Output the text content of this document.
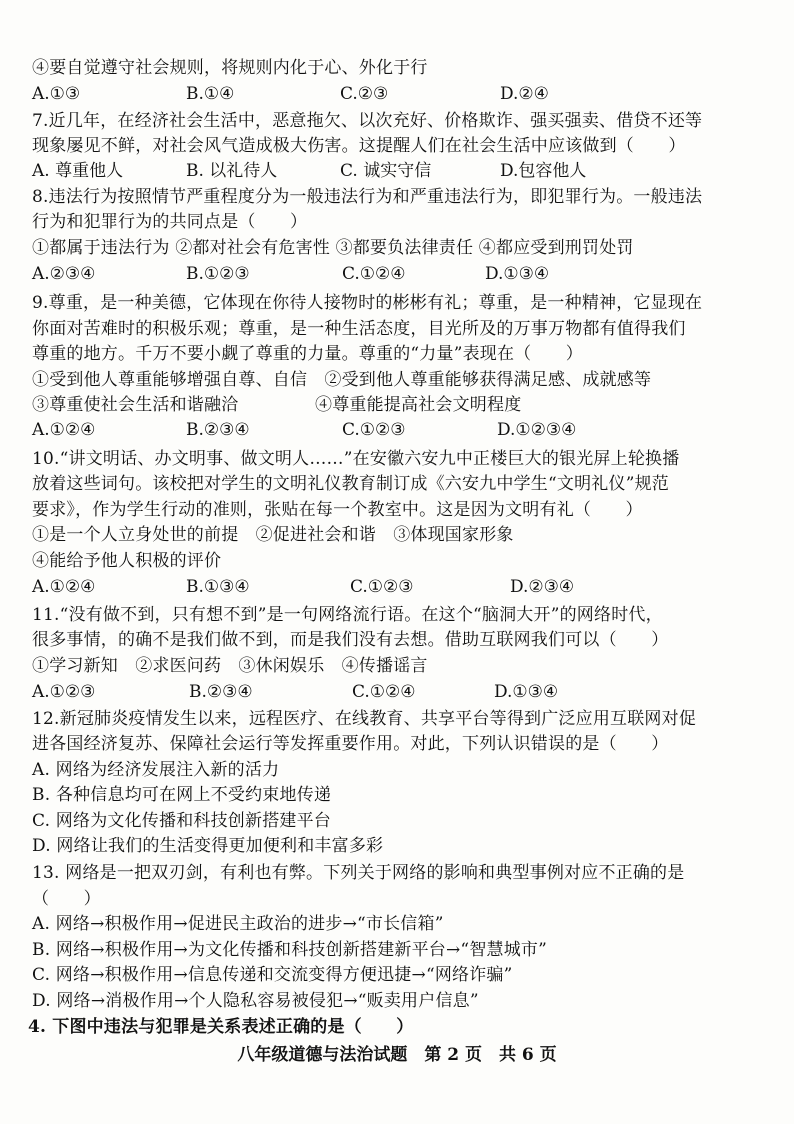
④要自觉遵守社会规则，将规则内化于心、外化于行
A.①③	B.①④	C.②③	D.②④
7.近几年，在经济社会生活中，恶意拖欠、以次充好、价格欺诈、强买强卖、借贷不还等
现象屡见不鲜，对社会风气造成极大伤害。这提醒人们在社会生活中应该做到（　　）
A. 尊重他人	B. 以礼待人	C. 诚实守信	D.包容他人
8.违法行为按照情节严重程度分为一般违法行为和严重违法行为，即犯罪行为。一般违法
行为和犯罪行为的共同点是（　　）
①都属于违法行为 ②都对社会有危害性 ③都要负法律责任 ④都应受到刑罚处罚
A.②③④	B.①②③	C.①②④	D.①③④
9.尊重，是一种美德，它体现在你待人接物时的彬彬有礼；尊重，是一种精神，它显现在
你面对苦难时的积极乐观；尊重，是一种生活态度，目光所及的万事万物都有值得我们
尊重的地方。千万不要小觑了尊重的力量。尊重的“力量”表现在（　　）
①受到他人尊重能够增强自尊、自信　②受到他人尊重能够获得满足感、成就感等
③尊重使社会生活和谐融洽	④尊重能提高社会文明程度
A.①②④	B.②③④	C.①②③	D.①②③④
10.“讲文明话、办文明事、做文明人……”在安徽六安九中正楼巨大的银光屏上轮换播
放着这些词句。该校把对学生的文明礼仪教育制订成《六安九中学生“文明礼仪”规范
要求》，作为学生行动的准则，张贴在每一个教室中。这是因为文明有礼（　　）
①是一个人立身处世的前提　②促进社会和谐　③体现国家形象
④能给予他人积极的评价
A.①②④	B.①③④	C.①②③	D.②③④
11.“没有做不到，只有想不到”是一句网络流行语。在这个“脑洞大开”的网络时代，
很多事情，的确不是我们做不到，而是我们没有去想。借助互联网我们可以（　　）
①学习新知　②求医问药　③休闲娱乐　④传播谣言
A.①②③	B.②③④	C.①②④	D.①③④
12.新冠肺炎疫情发生以来，远程医疗、在线教育、共享平台等得到广泛应用互联网对促
进各国经济复苏、保障社会运行等发挥重要作用。对此，下列认识错误的是（　　）
A. 网络为经济发展注入新的活力
B. 各种信息均可在网上不受约束地传递
C. 网络为文化传播和科技创新搭建平台
D. 网络让我们的生活变得更加便利和丰富多彩
13. 网络是一把双刃剑，有利也有弊。下列关于网络的影响和典型事例对应不正确的是
（　　）
A. 网络→积极作用→促进民主政治的进步→“市长信箱”
B. 网络→积极作用→为文化传播和科技创新搭建新平台→“智慧城市”
C. 网络→积极作用→信息传递和交流变得方便迅捷→“网络诈骗”
D. 网络→消极作用→个人隐私容易被侵犯→“贩卖用户信息”
4. 下图中违法与犯罪是关系表述正确的是（　　）
八年级道德与法治试题　第 2 页　共 6 页
